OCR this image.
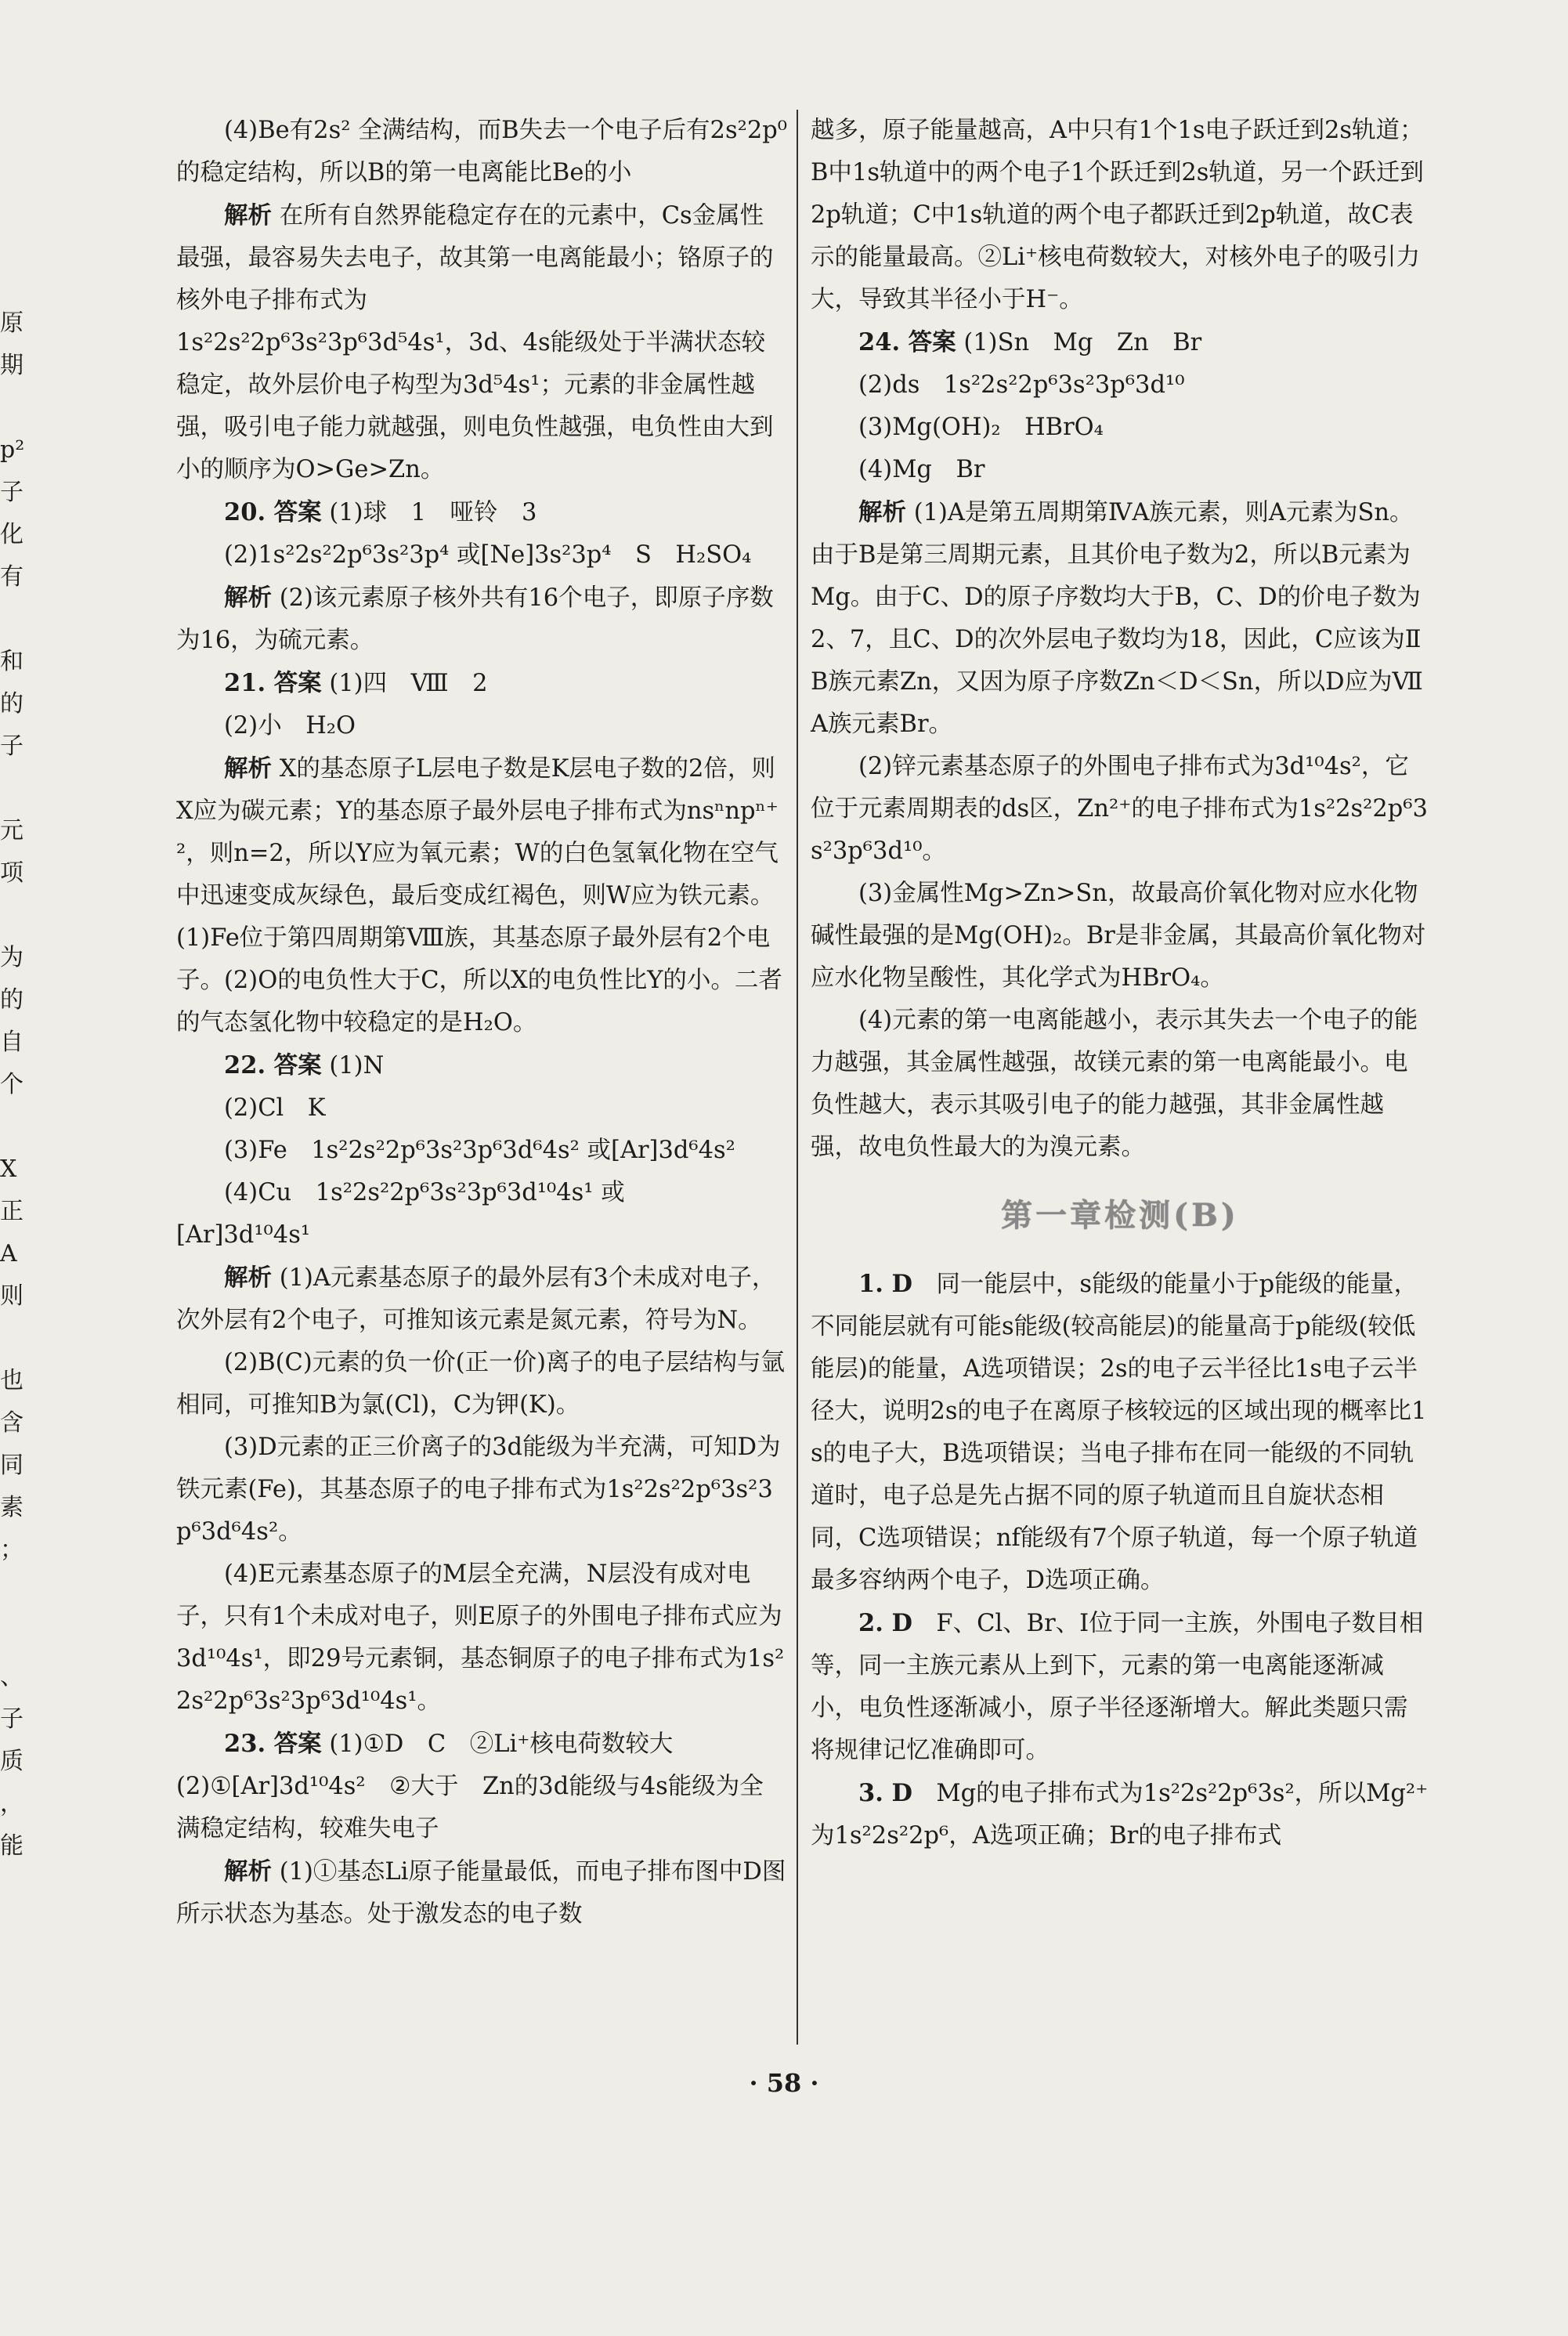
原
期
p²
子
化
有
和
的
子
元
项
为
的
自
个
X
正
A
则
也
含
同
素
；
、
子
质
，
能

(4)Be有2s² 全满结构，而B失去一个电子后有2s²2p⁰ 的稳定结构，所以B的第一电离能比Be的小

解析 在所有自然界能稳定存在的元素中，Cs金属性最强，最容易失去电子，故其第一电离能最小；铬原子的核外电子排布式为

1s²2s²2p⁶3s²3p⁶3d⁵4s¹，3d、4s能级处于半满状态较稳定，故外层价电子构型为3d⁵4s¹；元素的非金属性越强，吸引电子能力就越强，则电负性越强，电负性由大到小的顺序为O>Ge>Zn。

20. 答案 (1)球　1　哑铃　3

(2)1s²2s²2p⁶3s²3p⁴ 或[Ne]3s²3p⁴　S　H₂SO₄

解析 (2)该元素原子核外共有16个电子，即原子序数为16，为硫元素。

21. 答案 (1)四　Ⅷ　2

(2)小　H₂O

解析 X的基态原子L层电子数是K层电子数的2倍，则X应为碳元素；Y的基态原子最外层电子排布式为nsⁿnpⁿ⁺²，则n=2，所以Y应为氧元素；W的白色氢氧化物在空气中迅速变成灰绿色，最后变成红褐色，则W应为铁元素。(1)Fe位于第四周期第Ⅷ族，其基态原子最外层有2个电子。(2)O的电负性大于C，所以X的电负性比Y的小。二者的气态氢化物中较稳定的是H₂O。

22. 答案 (1)N

(2)Cl　K

(3)Fe　1s²2s²2p⁶3s²3p⁶3d⁶4s² 或[Ar]3d⁶4s²

(4)Cu　1s²2s²2p⁶3s²3p⁶3d¹⁰4s¹ 或

[Ar]3d¹⁰4s¹

解析 (1)A元素基态原子的最外层有3个未成对电子，次外层有2个电子，可推知该元素是氮元素，符号为N。

(2)B(C)元素的负一价(正一价)离子的电子层结构与氩相同，可推知B为氯(Cl)，C为钾(K)。

(3)D元素的正三价离子的3d能级为半充满，可知D为铁元素(Fe)，其基态原子的电子排布式为1s²2s²2p⁶3s²3p⁶3d⁶4s²。

(4)E元素基态原子的M层全充满，N层没有成对电子，只有1个未成对电子，则E原子的外围电子排布式应为3d¹⁰4s¹，即29号元素铜，基态铜原子的电子排布式为1s²2s²2p⁶3s²3p⁶3d¹⁰4s¹。

23. 答案 (1)①D　C　②Li⁺核电荷数较大

(2)①[Ar]3d¹⁰4s²　②大于　Zn的3d能级与4s能级为全满稳定结构，较难失电子

解析 (1)①基态Li原子能量最低，而电子排布图中D图所示状态为基态。处于激发态的电子数

越多，原子能量越高，A中只有1个1s电子跃迁到2s轨道；B中1s轨道中的两个电子1个跃迁到2s轨道，另一个跃迁到2p轨道；C中1s轨道的两个电子都跃迁到2p轨道，故C表示的能量最高。②Li⁺核电荷数较大，对核外电子的吸引力大，导致其半径小于H⁻。

24. 答案 (1)Sn　Mg　Zn　Br

(2)ds　1s²2s²2p⁶3s²3p⁶3d¹⁰

(3)Mg(OH)₂　HBrO₄

(4)Mg　Br

解析 (1)A是第五周期第ⅣA族元素，则A元素为Sn。由于B是第三周期元素，且其价电子数为2，所以B元素为Mg。由于C、D的原子序数均大于B，C、D的价电子数为2、7，且C、D的次外层电子数均为18，因此，C应该为ⅡB族元素Zn，又因为原子序数Zn＜D＜Sn，所以D应为ⅦA族元素Br。

(2)锌元素基态原子的外围电子排布式为3d¹⁰4s²，它位于元素周期表的ds区，Zn²⁺的电子排布式为1s²2s²2p⁶3s²3p⁶3d¹⁰。

(3)金属性Mg>Zn>Sn，故最高价氧化物对应水化物碱性最强的是Mg(OH)₂。Br是非金属，其最高价氧化物对应水化物呈酸性，其化学式为HBrO₄。

(4)元素的第一电离能越小，表示其失去一个电子的能力越强，其金属性越强，故镁元素的第一电离能最小。电负性越大，表示其吸引电子的能力越强，其非金属性越强，故电负性最大的为溴元素。

第一章检测(B)

1. D　同一能层中，s能级的能量小于p能级的能量，不同能层就有可能s能级(较高能层)的能量高于p能级(较低能层)的能量，A选项错误；2s的电子云半径比1s电子云半径大，说明2s的电子在离原子核较远的区域出现的概率比1s的电子大，B选项错误；当电子排布在同一能级的不同轨道时，电子总是先占据不同的原子轨道而且自旋状态相同，C选项错误；nf能级有7个原子轨道，每一个原子轨道最多容纳两个电子，D选项正确。

2. D　F、Cl、Br、I位于同一主族，外围电子数目相等，同一主族元素从上到下，元素的第一电离能逐渐减小，电负性逐渐减小，原子半径逐渐增大。解此类题只需将规律记忆准确即可。

3. D　Mg的电子排布式为1s²2s²2p⁶3s²，所以Mg²⁺为1s²2s²2p⁶，A选项正确；Br的电子排布式

· 58 ·
